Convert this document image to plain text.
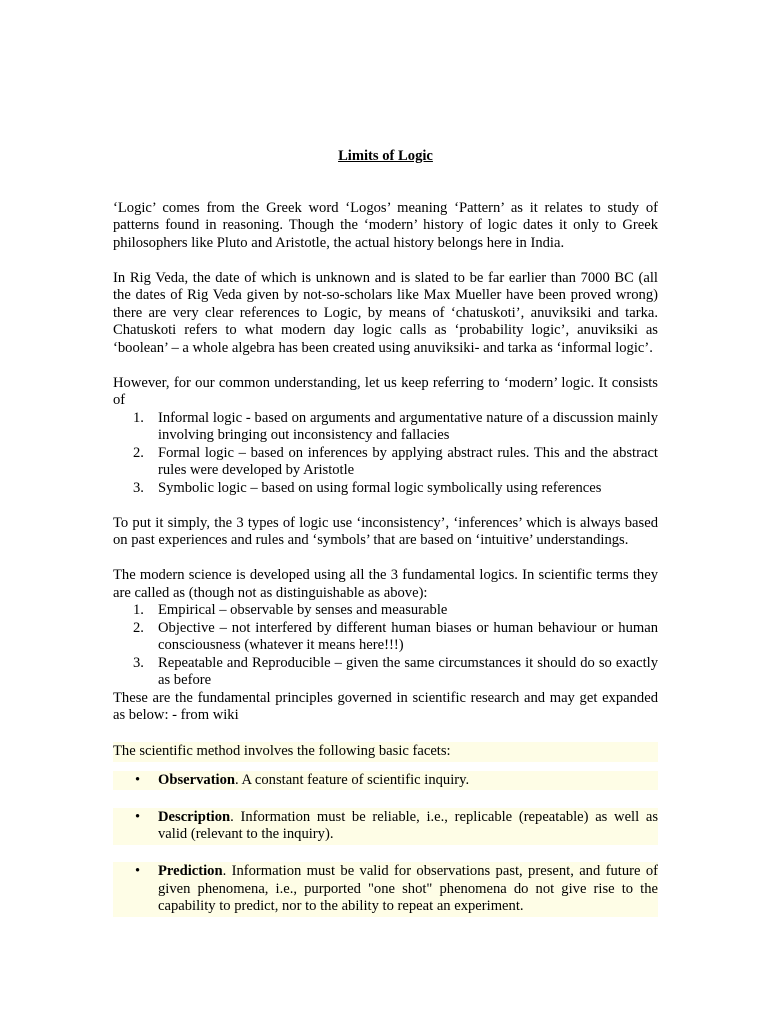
Limits of Logic

‘Logic’ comes from the Greek word ‘Logos’ meaning ‘Pattern’ as it relates to study of patterns found in reasoning. Though the ‘modern’ history of logic dates it only to Greek philosophers like Pluto and Aristotle, the actual history belongs here in India.

In Rig Veda, the date of which is unknown and is slated to be far earlier than 7000 BC (all the dates of Rig Veda given by not-so-scholars like Max Mueller have been proved wrong) there are very clear references to Logic, by means of ‘chatuskoti’, anuviksiki and tarka. Chatuskoti refers to what modern day logic calls as ‘probability logic’, anuviksiki as ‘boolean’ – a whole algebra has been created using anuviksiki- and tarka as ‘informal logic’.

However, for our common understanding, let us keep referring to ‘modern’ logic. It consists of

1. Informal logic - based on arguments and argumentative nature of a discussion mainly involving bringing out inconsistency and fallacies
2. Formal logic – based on inferences by applying abstract rules. This and the abstract rules were developed by Aristotle
3. Symbolic logic – based on using formal logic symbolically using references

To put it simply, the 3 types of logic use ‘inconsistency’, ‘inferences’ which is always based on past experiences and rules and ‘symbols’ that are based on ‘intuitive’ understandings.

The modern science is developed using all the 3 fundamental logics. In scientific terms they are called as (though not as distinguishable as above):

1. Empirical – observable by senses and measurable
2. Objective – not interfered by different human biases or human behaviour or human consciousness (whatever it means here!!!)
3. Repeatable and Reproducible – given the same circumstances it should do so exactly as before

These are the fundamental principles governed in scientific research and may get expanded as below: - from wiki

The scientific method involves the following basic facets:
• Observation. A constant feature of scientific inquiry.
• Description. Information must be reliable, i.e., replicable (repeatable) as well as valid (relevant to the inquiry).
• Prediction. Information must be valid for observations past, present, and future of given phenomena, i.e., purported "one shot" phenomena do not give rise to the capability to predict, nor to the ability to repeat an experiment.
